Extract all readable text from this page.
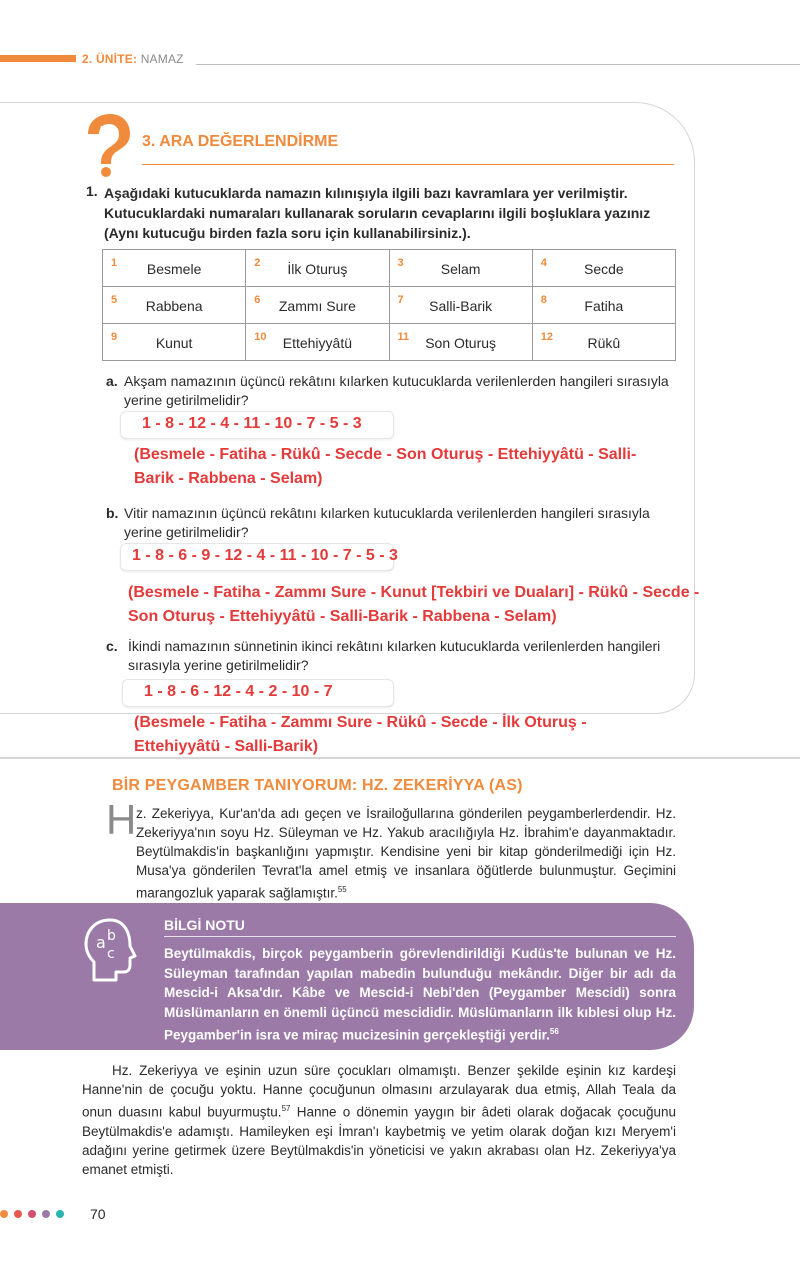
2. ÜNİTE: NAMAZ
a
b
c 3. ARA DEĞERLENDİRME
1. Aşağıdaki kutucuklarda namazın kılınışıyla ilgili bazı kavramlara yer verilmiştir. Kutucuklardaki numaraları kullanarak soruların cevaplarını ilgili boşluklara yazınız (Aynı kutucuğu birden fazla soru için kullanabilirsiniz.).
1 Besmele	2 İlk Oturuş	3 Selam	4 Secde

5 Rabbena	6 Zammı Sure	7 Salli-Barik	8 Fatiha

9 Kunut	10 Ettehiyyâtü	11 Son Oturuş	12 Rükû
a. Akşam namazının üçüncü rekâtını kılarken kutucuklarda verilenlerden hangileri sırasıyla yerine getirilmelidir?
1 - 8 - 12 - 4 - 11 - 10 - 7 - 5 - 3
(Besmele - Fatiha - Rükû - Secde - Son Oturuş - Ettehiyyâtü - Salli-Barik - Rabbena - Selam)
b. Vitir namazının üçüncü rekâtını kılarken kutucuklarda verilenlerden hangileri sırasıyla yerine getirilmelidir?
1 - 8 - 6 - 9 - 12 - 4 - 11 - 10 - 7 - 5 - 3
(Besmele - Fatiha - Zammı Sure - Kunut [Tekbiri ve Duaları] - Rükû - Secde - Son Oturuş - Ettehiyyâtü - Salli-Barik - Rabbena - Selam)
c. İkindi namazının sünnetinin ikinci rekâtını kılarken kutucuklarda verilenlerden hangileri sırasıyla yerine getirilmelidir?
1 - 8 - 6 - 12 - 4 - 2 - 10 - 7
(Besmele - Fatiha - Zammı Sure - Rükû - Secde - İlk Oturuş - Ettehiyyâtü - Salli-Barik)
BİR PEYGAMBER TANIYORUM: HZ. ZEKERİYYA (AS)
H z. Zekeriyya, Kur'an'da adı geçen ve İsrailoğullarına gönderilen peygamberlerdendir. Hz. Zekeriyya'nın soyu Hz. Süleyman ve Hz. Yakub aracılığıyla Hz. İbrahim'e dayanmaktadır. Beytülmakdis'in başkanlığını yapmıştır. Kendisine yeni bir kitap gönderilmediği için Hz. Musa'ya gönderilen Tevrat'la amel etmiş ve insanlara öğütlerde bulunmuştur. Geçimini marangozluk yaparak sağlamıştır.$^{55}$
a b
c
BİLGİ NOTU
Beytülmakdis, birçok peygamberin görevlendirildiği Kudüs'te bulunan ve Hz. Süleyman tarafından yapılan mabedin bulunduğu mekândır. Diğer bir adı da Mescid-i Aksa'dır. Kâbe ve Mescid-i Nebi'den (Peygamber Mescidi) sonra Müslümanların en önemli üçüncü mescididir. Müslümanların ilk kıblesi olup Hz. Peygamber'in isra ve miraç mucizesinin gerçekleştiği yerdir.$^{56}$
Hz. Zekeriyya ve eşinin uzun süre çocukları olmamıştı. Benzer şekilde eşinin kız kardeşi Hanne'nin de çocuğu yoktu. Hanne çocuğunun olmasını arzulayarak dua etmiş, Allah Teala da onun duasını kabul buyurmuştu.$^{57}$ Hanne o dönemin yaygın bir âdeti olarak doğacak çocuğunu Beytülmakdis'e adamıştı. Hamileyken eşi İmran'ı kaybetmiş ve yetim olarak doğan kızı Meryem'i adağını yerine getirmek üzere Beytülmakdis'in yöneticisi ve yakın akrabası olan Hz. Zekeriyya'ya emanet etmişti.
70
